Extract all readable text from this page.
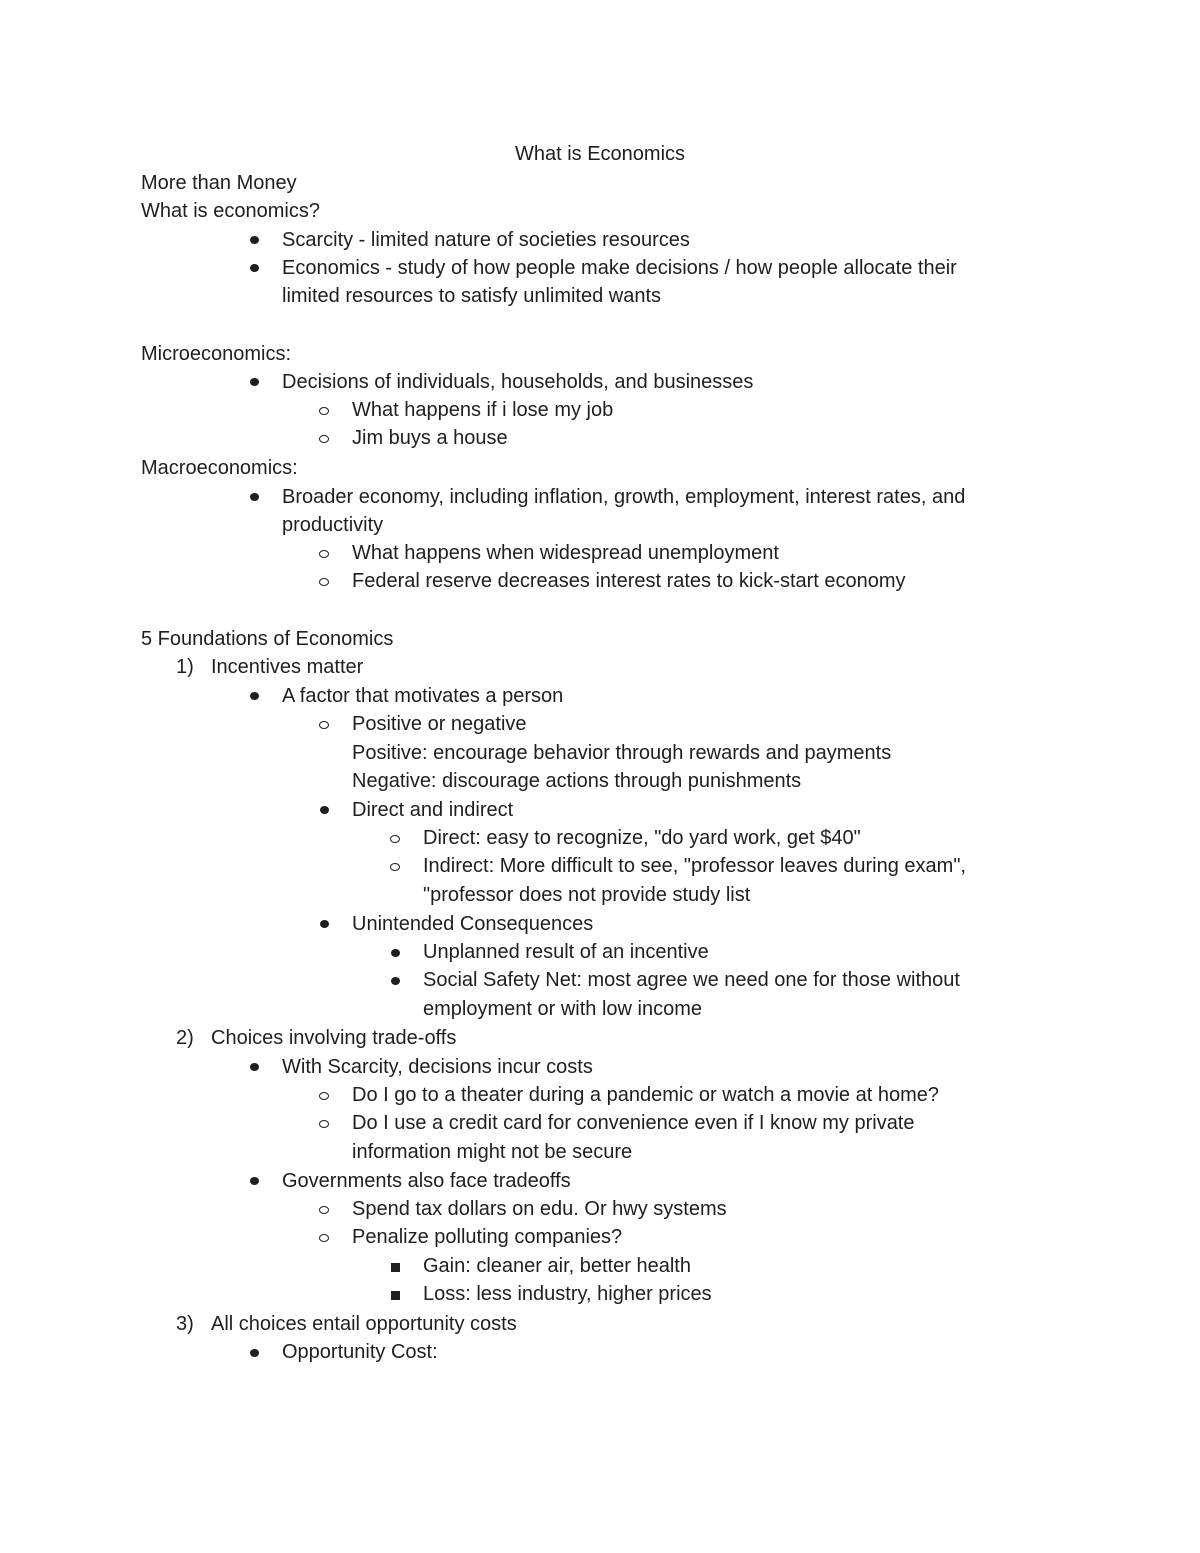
What is Economics
More than Money
What is economics?
Scarcity - limited nature of societies resources
Economics - study of how people make decisions / how people allocate their
limited resources to satisfy unlimited wants
Microeconomics:
Decisions of individuals, households, and businesses
What happens if i lose my job
Jim buys a house
Macroeconomics:
Broader economy, including inflation, growth, employment, interest rates, and
productivity
What happens when widespread unemployment
Federal reserve decreases interest rates to kick-start economy
5 Foundations of Economics
1) Incentives matter
A factor that motivates a person
Positive or negative
Positive: encourage behavior through rewards and payments
Negative: discourage actions through punishments
Direct and indirect
Direct: easy to recognize, "do yard work, get $40"
Indirect: More difficult to see, "professor leaves during exam",
"professor does not provide study list
Unintended Consequences
Unplanned result of an incentive
Social Safety Net: most agree we need one for those without
employment or with low income
2) Choices involving trade-offs
With Scarcity, decisions incur costs
Do I go to a theater during a pandemic or watch a movie at home?
Do I use a credit card for convenience even if I know my private
information might not be secure
Governments also face tradeoffs
Spend tax dollars on edu. Or hwy systems
Penalize polluting companies?
Gain: cleaner air, better health
Loss: less industry, higher prices
3) All choices entail opportunity costs
Opportunity Cost:
